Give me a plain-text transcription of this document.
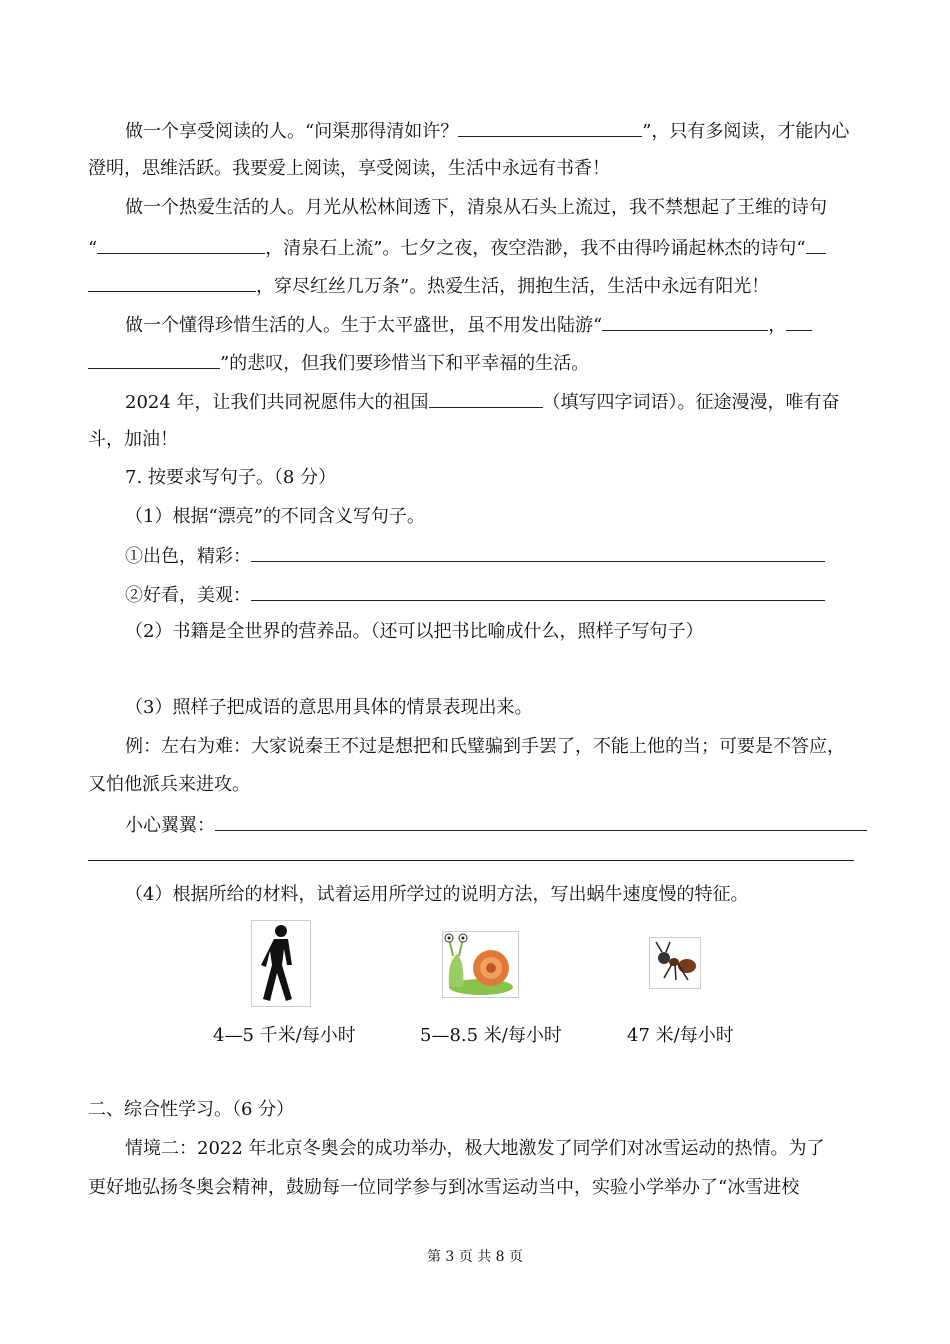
做一个享受阅读的人。“问渠那得清如许？	”，只有多阅读，才能内心
澄明，思维活跃。我要爱上阅读，享受阅读，生活中永远有书香！
做一个热爱生活的人。月光从松林间透下，清泉从石头上流过，我不禁想起了王维的诗句
“	，清泉石上流”。七夕之夜，夜空浩渺，我不由得吟诵起林杰的诗句“
，穿尽红丝几万条”。热爱生活，拥抱生活，生活中永远有阳光！
做一个懂得珍惜生活的人。生于太平盛世，虽不用发出陆游“	，
”的悲叹，但我们要珍惜当下和平幸福的生活。
2024 年，让我们共同祝愿伟大的祖国	（填写四字词语）。征途漫漫，唯有奋
斗，加油！
7. 按要求写句子。（8 分）
（1）根据“漂亮”的不同含义写句子。
①出色，精彩：
②好看，美观：
（2）书籍是全世界的营养品。（还可以把书比喻成什么，照样子写句子）
（3）照样子把成语的意思用具体的情景表现出来。
例：左右为难：大家说秦王不过是想把和氏璧骗到手罢了，不能上他的当；可要是不答应，
又怕他派兵来进攻。
小心翼翼：
（4）根据所给的材料，试着运用所学过的说明方法，写出蜗牛速度慢的特征。
4—5 千米/每小时	5—8.5 米/每小时	47 米/每小时
二、综合性学习。（6 分）
情境二：2022 年北京冬奥会的成功举办，极大地激发了同学们对冰雪运动的热情。为了
更好地弘扬冬奥会精神，鼓励每一位同学参与到冰雪运动当中，实验小学举办了“冰雪进校
第 3 页 共 8 页
